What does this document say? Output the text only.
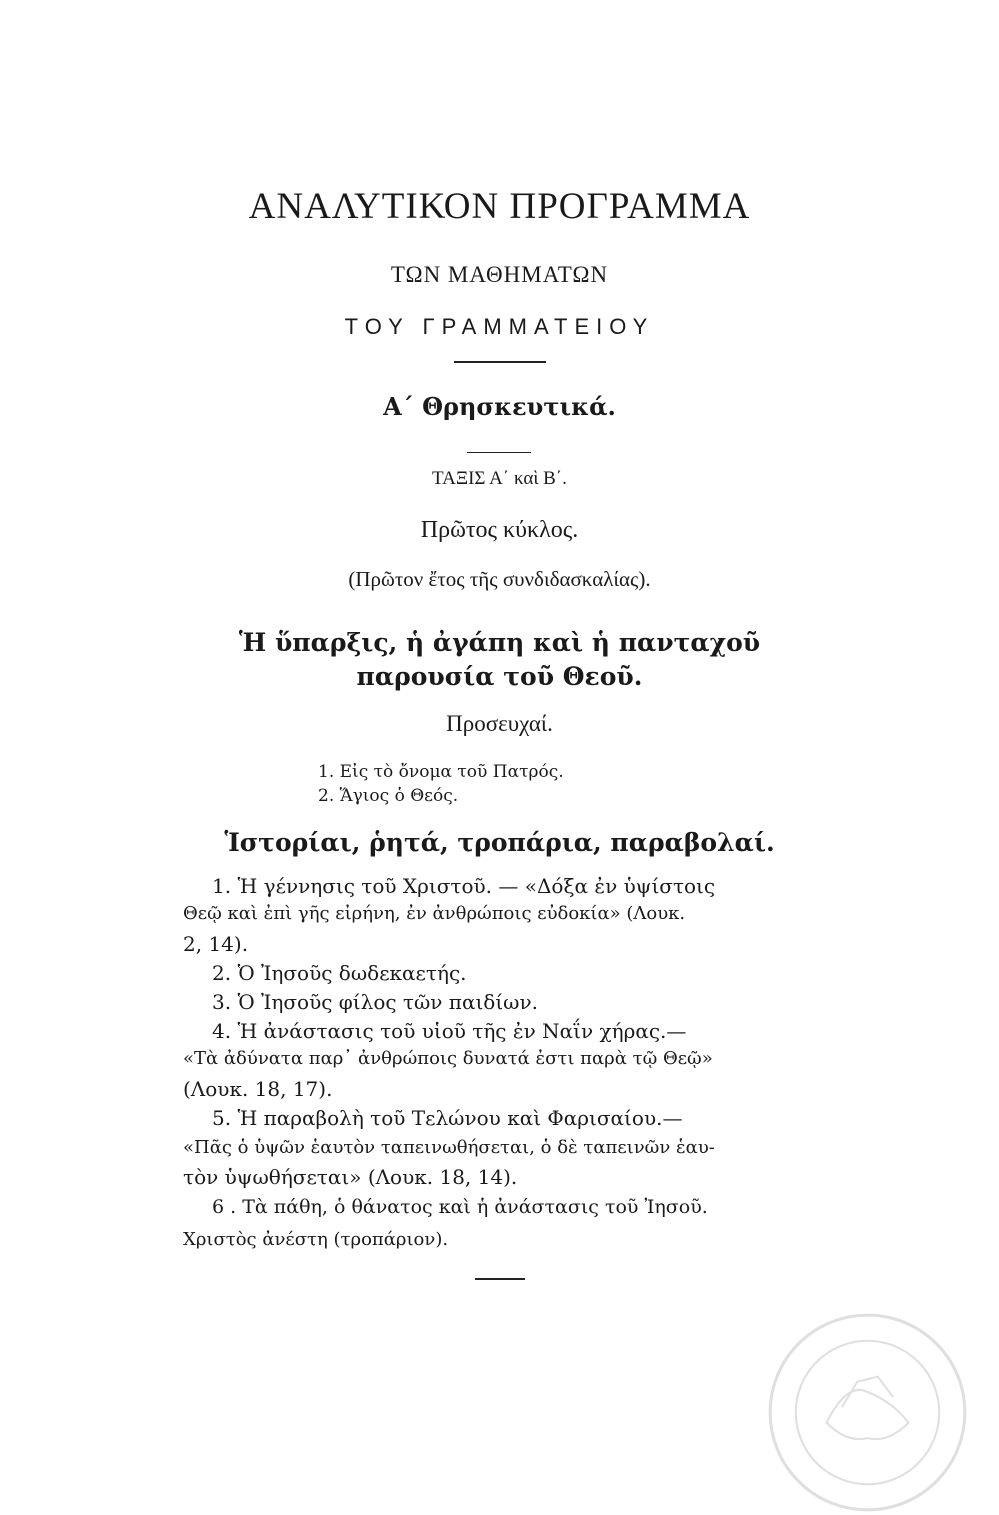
ΑΝΑΛΥΤΙΚΟΝ ΠΡΟΓΡΑΜΜΑ
ΤΩΝ ΜΑΘΗΜΑΤΩΝ
ΤΟΥ ΓΡΑΜΜΑΤΕΙΟΥ
Α΄ Θρησκευτικά.
ΤΑΞΙΣ Α΄ καὶ Β΄.
Πρῶτος κύκλος.
(Πρῶτον ἔτος τῆς συνδιδασκαλίας).
Ἡ ὕπαρξις, ἡ ἀγάπη καὶ ἡ πανταχοῦ
παρουσία τοῦ Θεοῦ.
Προσευχαί.
1. Εἰς τὸ ὄνομα τοῦ Πατρός.
2. Ἅγιος ὁ Θεός.
Ἱστορίαι, ῥητά, τροπάρια, παραβολαί.
1. Ἡ γέννησις τοῦ Χριστοῦ. — «Δόξα ἐν ὑψίστοις
Θεῷ καὶ ἐπὶ γῆς εἰρήνη, ἐν ἀνθρώποις εὐδοκία» (Λουκ.
2, 14).
2. Ὁ Ἰησοῦς δωδεκαετής.
3. Ὁ Ἰησοῦς φίλος τῶν παιδίων.
4. Ἡ ἀνάστασις τοῦ υἱοῦ τῆς ἐν Ναΐν χήρας.—
«Τὰ ἀδύνατα παρ᾽ ἀνθρώποις δυνατά ἐστι παρὰ τῷ Θεῷ»
(Λουκ. 18, 17).
5. Ἡ παραβολὴ τοῦ Τελώνου καὶ Φαρισαίου.—
«Πᾶς ὁ ὑψῶν ἑαυτὸν ταπεινωθήσεται, ὁ δὲ ταπεινῶν ἑαυ-
τὸν ὑψωθήσεται» (Λουκ. 18, 14).
6 . Τὰ πάθη, ὁ θάνατος καὶ ἡ ἀνάστασις τοῦ Ἰησοῦ.
Χριστὸς ἀνέστη (τροπάριον).
